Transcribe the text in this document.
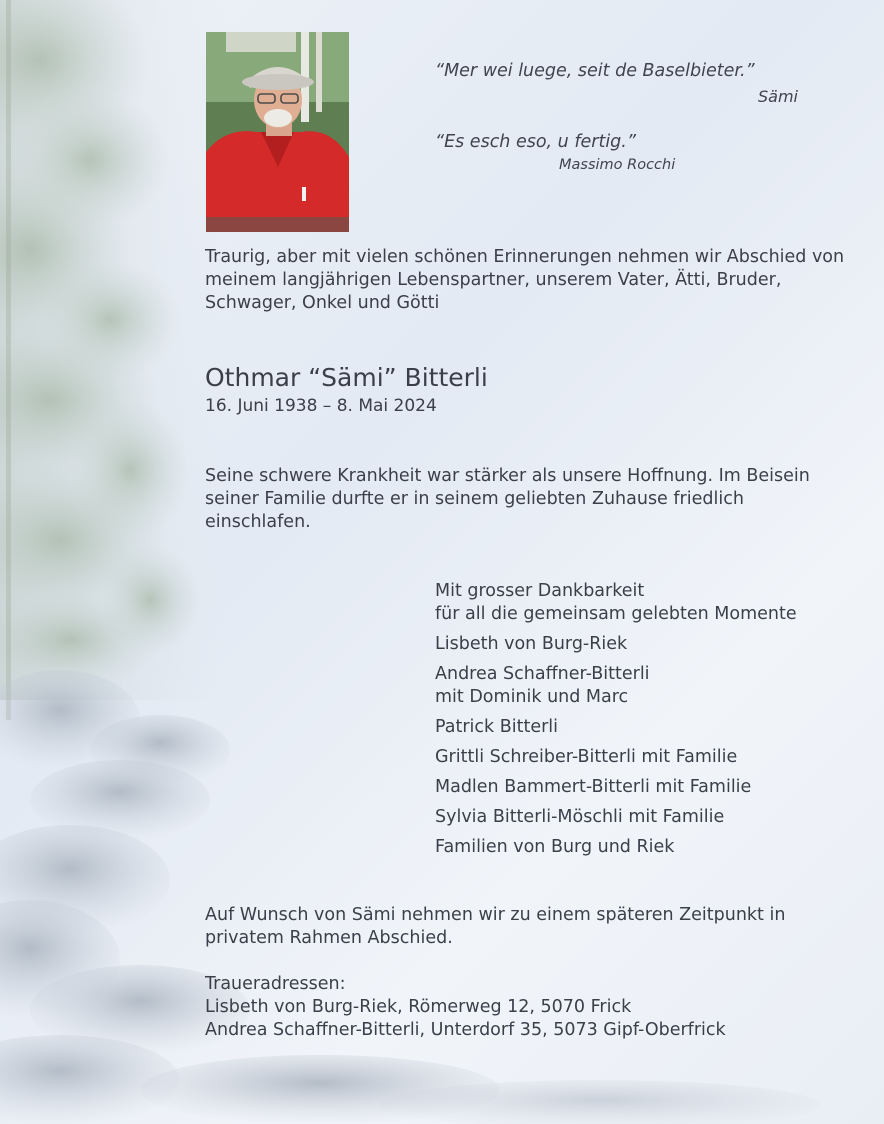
“Mer wei luege, seit de Baselbieter.”
Sämi
“Es esch eso, u fertig.”
Massimo Rocchi
Traurig, aber mit vielen schönen Erinnerungen nehmen wir Abschied von meinem langjährigen Lebenspartner, unserem Vater, Ätti, Bruder, Schwager, Onkel und Götti
Othmar “Sämi” Bitterli
16. Juni 1938 – 8. Mai 2024
Seine schwere Krankheit war stärker als unsere Hoffnung. Im Beisein seiner Familie durfte er in seinem geliebten Zuhause friedlich einschlafen.
Mit grosser Dankbarkeit
für all die gemeinsam gelebten Momente
Lisbeth von Burg-Riek
Andrea Schaffner-Bitterli
mit Dominik und Marc
Patrick Bitterli
Grittli Schreiber-Bitterli mit Familie
Madlen Bammert-Bitterli mit Familie
Sylvia Bitterli-Möschli mit Familie
Familien von Burg und Riek
Auf Wunsch von Sämi nehmen wir zu einem späteren Zeitpunkt in privatem Rahmen Abschied.
Traueradressen:
Lisbeth von Burg-Riek, Römerweg 12, 5070 Frick
Andrea Schaffner-Bitterli, Unterdorf 35, 5073 Gipf-Oberfrick
